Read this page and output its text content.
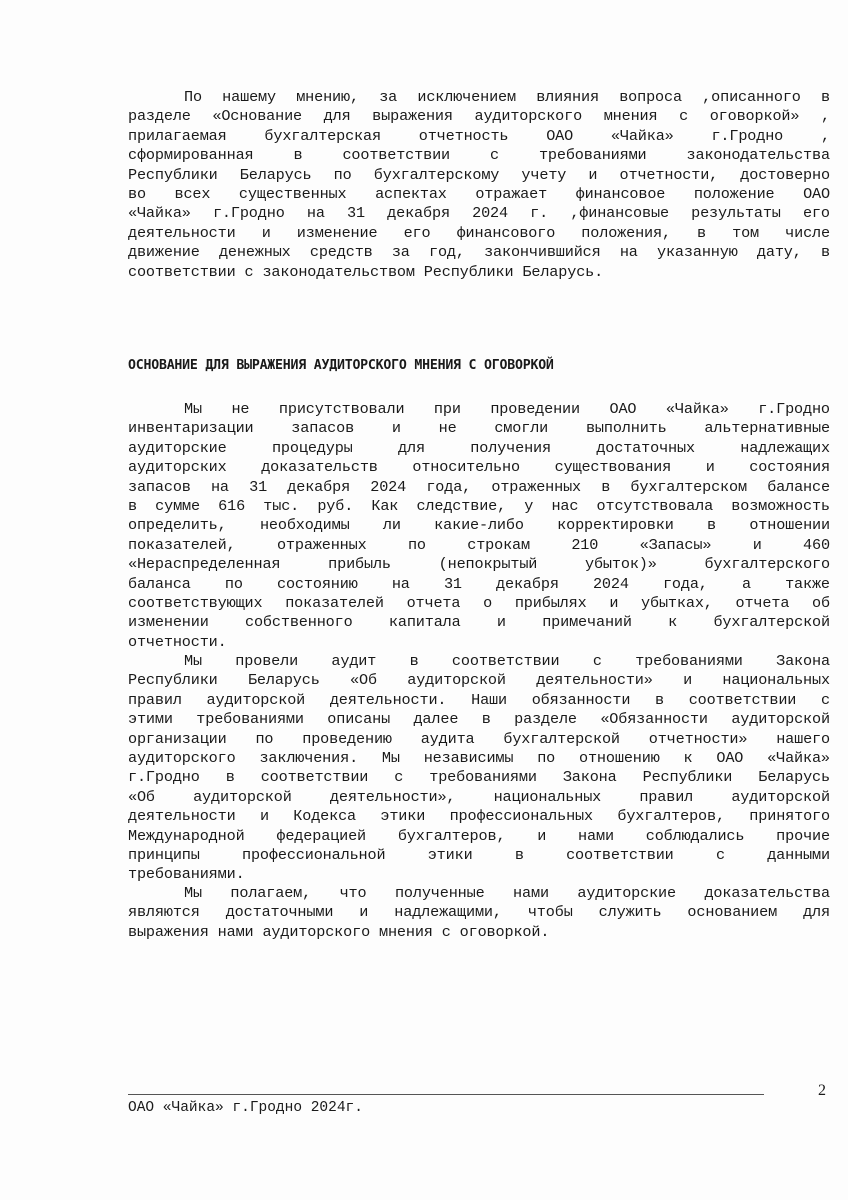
По нашему мнению, за исключением влияния вопроса ,описанного в
разделе «Основание для выражения аудиторского мнения с оговоркой» ,
прилагаемая бухгалтерская отчетность ОАО «Чайка» г.Гродно ,
сформированная	в	соответствии	с	требованиями	законодательства
Республики Беларусь по бухгалтерскому учету и отчетности, достоверно
во всех существенных аспектах отражает финансовое положение ОАО
«Чайка» г.Гродно на 31 декабря 2024 г. ,финансовые результаты его
деятельности и изменение его финансового положения, в том числе
движение денежных средств за год, закончившийся на указанную дату, в
соответствии с законодательством Республики Беларусь.
ОСНОВАНИЕ ДЛЯ ВЫРАЖЕНИЯ АУДИТОРСКОГО МНЕНИЯ С ОГОВОРКОЙ
Мы не присутствовали при проведении ОАО «Чайка» г.Гродно
инвентаризации запасов и не смогли выполнить альтернативные
аудиторские	процедуры	для	получения	достаточных	надлежащих
аудиторских доказательств относительно существования и состояния
запасов на 31 декабря 2024 года, отраженных в бухгалтерском балансе
в сумме 616 тыс. руб. Как следствие, у нас отсутствовала возможность
определить, необходимы ли какие-либо корректировки в отношении
показателей,	отраженных	по	строкам	210	«Запасы»	и	460
«Нераспределенная	прибыль	(непокрытый	убыток)»	бухгалтерского
баланса по состоянию на 31 декабря 2024 года, а также
соответствующих показателей отчета о прибылях и убытках, отчета об
изменении собственного капитала и примечаний к бухгалтерской
отчетности.
Мы провели аудит в соответствии с требованиями Закона
Республики Беларусь «Об аудиторской деятельности» и национальных
правил аудиторской деятельности. Наши обязанности в соответствии с
этими требованиями описаны далее в разделе «Обязанности аудиторской
организации по проведению аудита бухгалтерской отчетности» нашего
аудиторского заключения. Мы независимы по отношению к ОАО «Чайка»
г.Гродно в соответствии с требованиями Закона Республики Беларусь
«Об	аудиторской	деятельности»,	национальных	правил	аудиторской
деятельности и Кодекса этики профессиональных бухгалтеров, принятого
Международной федерацией бухгалтеров, и нами соблюдались прочие
принципы	профессиональной	этики	в	соответствии	с	данными
требованиями.
Мы полагаем, что полученные нами аудиторские доказательства
являются достаточными и надлежащими, чтобы служить основанием для
выражения нами аудиторского мнения с оговоркой.
2
ОАО «Чайка» г.Гродно 2024г.
